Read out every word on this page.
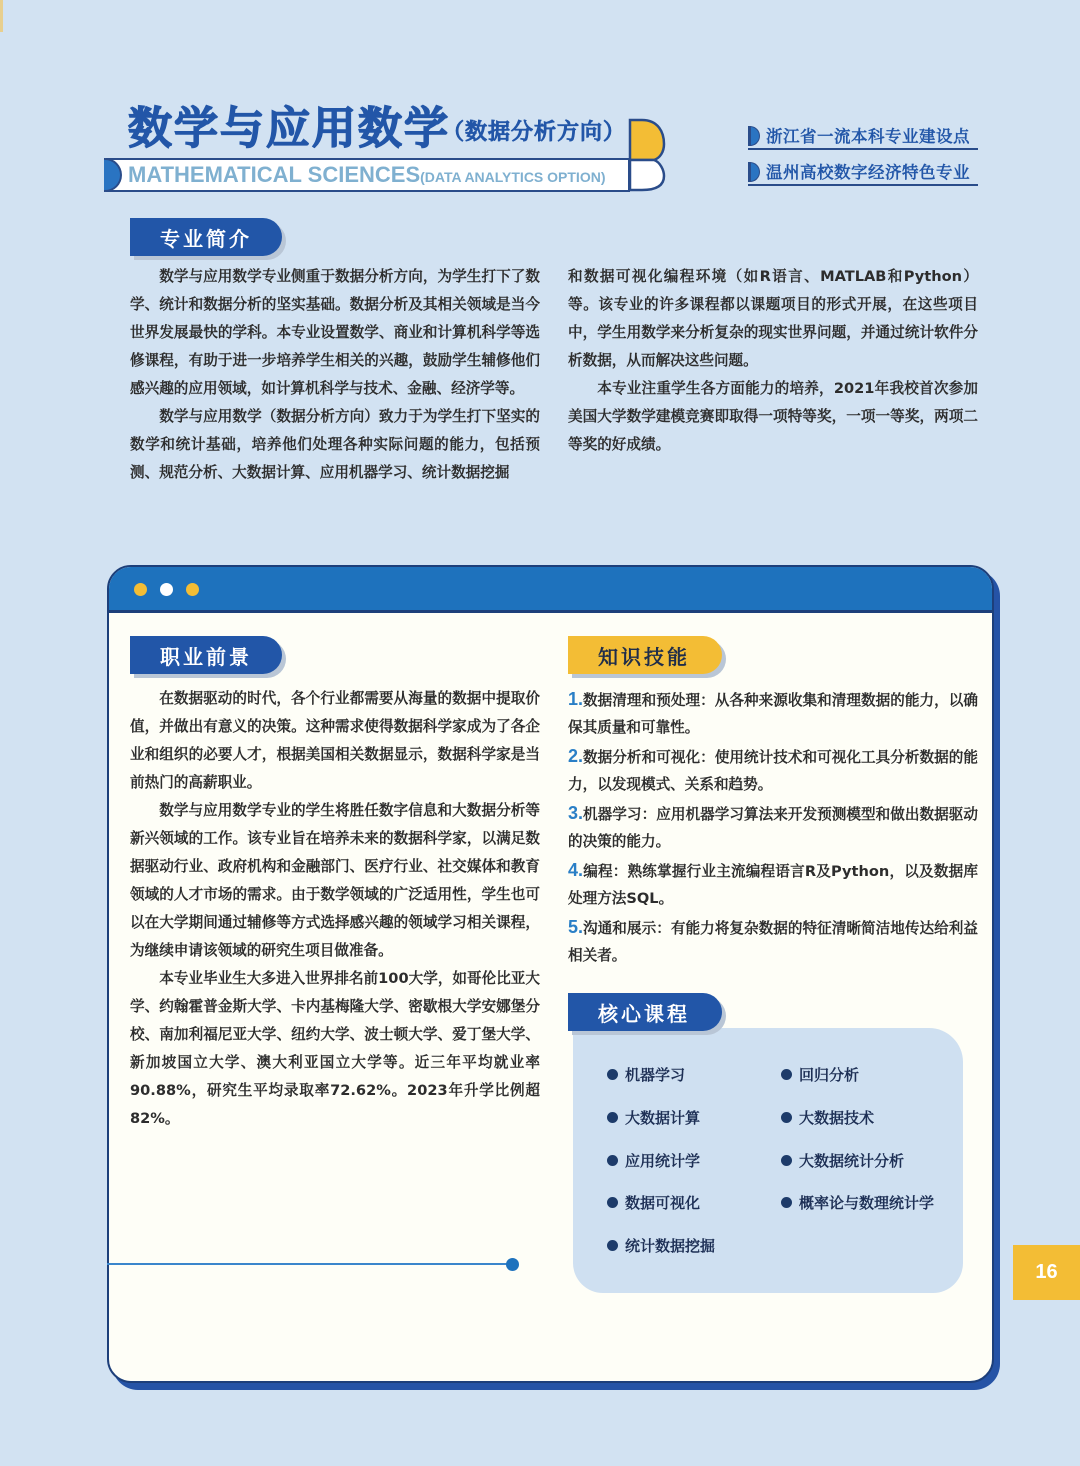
数学与应用数学
（数据分析方向）
MATHEMATICAL SCIENCES(DATA ANALYTICS OPTION)
浙江省一流本科专业建设点
温州高校数字经济特色专业
专业简介

数学与应用数学专业侧重于数据分析方向，为学生打下了数学、统计和数据分析的坚实基础。数据分析及其相关领域是当今世界发展最快的学科。本专业设置数学、商业和计算机科学等选修课程，有助于进一步培养学生相关的兴趣，鼓励学生辅修他们感兴趣的应用领域，如计算机科学与技术、金融、经济学等。

数学与应用数学（数据分析方向）致力于为学生打下坚实的数学和统计基础，培养他们处理各种实际问题的能力，包括预测、规范分析、大数据计算、应用机器学习、统计数据挖掘

和数据可视化编程环境（如R语言、MATLAB和Python）等。该专业的许多课程都以课题项目的形式开展，在这些项目中，学生用数学来分析复杂的现实世界问题，并通过统计软件分析数据，从而解决这些问题。

本专业注重学生各方面能力的培养，2021年我校首次参加美国大学数学建模竞赛即取得一项特等奖，一项一等奖，两项二等奖的好成绩。

职业前景

在数据驱动的时代，各个行业都需要从海量的数据中提取价值，并做出有意义的决策。这种需求使得数据科学家成为了各企业和组织的必要人才，根据美国相关数据显示，数据科学家是当前热门的高薪职业。

数学与应用数学专业的学生将胜任数字信息和大数据分析等新兴领域的工作。该专业旨在培养未来的数据科学家，以满足数据驱动行业、政府机构和金融部门、医疗行业、社交媒体和教育领域的人才市场的需求。由于数学领域的广泛适用性，学生也可以在大学期间通过辅修等方式选择感兴趣的领域学习相关课程，为继续申请该领域的研究生项目做准备。

本专业毕业生大多进入世界排名前100大学，如哥伦比亚大学、约翰霍普金斯大学、卡内基梅隆大学、密歇根大学安娜堡分校、南加利福尼亚大学、纽约大学、波士顿大学、爱丁堡大学、新加坡国立大学、澳大利亚国立大学等。近三年平均就业率90.88%，研究生平均录取率72.62%。2023年升学比例超82%。

知识技能
1.数据清理和预处理：从各种来源收集和清理数据的能力，以确保其质量和可靠性。
2.数据分析和可视化：使用统计技术和可视化工具分析数据的能力，以发现模式、关系和趋势。
3.机器学习：应用机器学习算法来开发预测模型和做出数据驱动的决策的能力。
4.编程：熟练掌握行业主流编程语言R及Python，以及数据库处理方法SQL。
5.沟通和展示：有能力将复杂数据的特征清晰简洁地传达给利益相关者。
核心课程
机器学习	回归分析
大数据计算	大数据技术
应用统计学	大数据统计分析
数据可视化	概率论与数理统计学
统计数据挖掘
16
